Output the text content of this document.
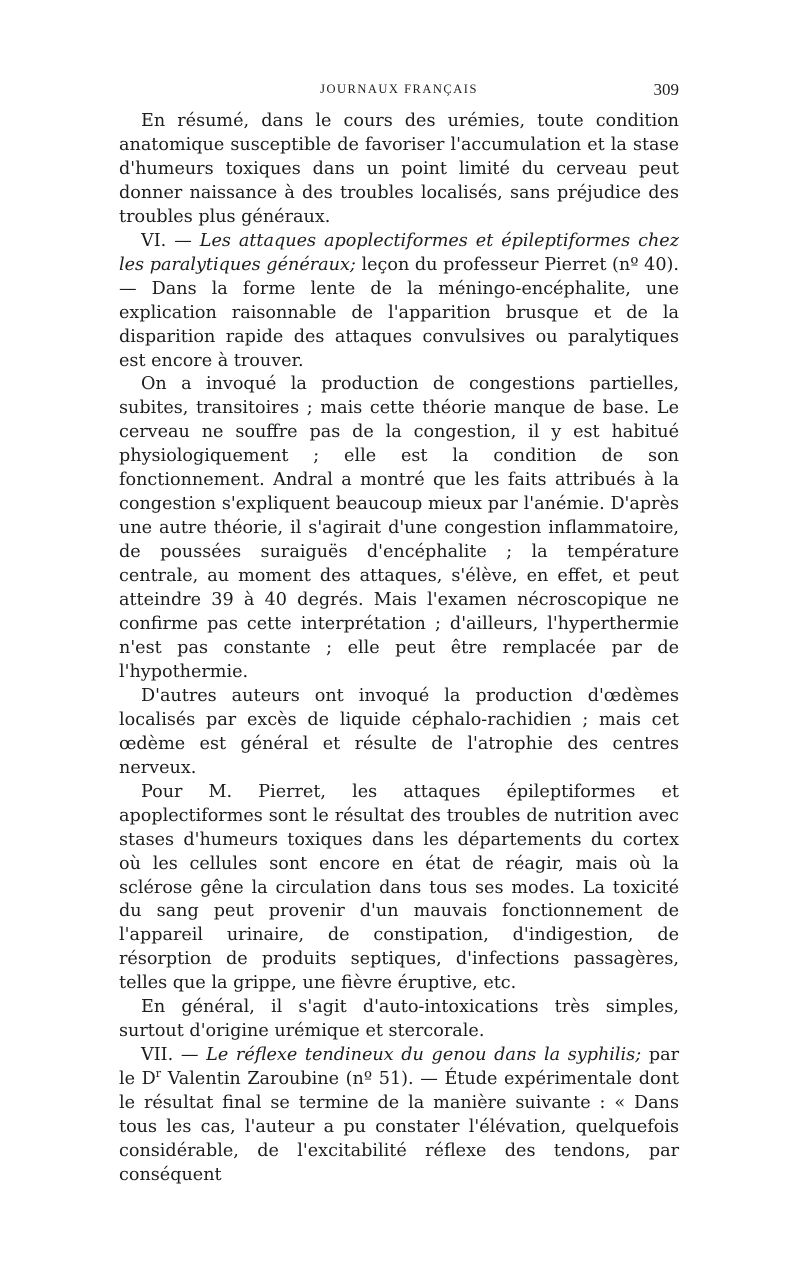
JOURNAUX FRANÇAIS	309

En résumé, dans le cours des urémies, toute condition anatomique susceptible de favoriser l'accumulation et la stase d'humeurs toxiques dans un point limité du cerveau peut donner naissance à des troubles localisés, sans préjudice des troubles plus généraux.

VI. — Les attaques apoplectiformes et épileptiformes chez les paralytiques généraux; leçon du professeur Pierret (nº 40). — Dans la forme lente de la méningo-encéphalite, une explication raisonnable de l'apparition brusque et de la disparition rapide des attaques convulsives ou paralytiques est encore à trouver.

On a invoqué la production de congestions partielles, subites, transitoires ; mais cette théorie manque de base. Le cerveau ne souffre pas de la congestion, il y est habitué physiologiquement ; elle est la condition de son fonctionnement. Andral a montré que les faits attribués à la congestion s'expliquent beaucoup mieux par l'anémie. D'après une autre théorie, il s'agirait d'une congestion inflammatoire, de poussées suraiguës d'encéphalite ; la température centrale, au moment des attaques, s'élève, en effet, et peut atteindre 39 à 40 degrés. Mais l'examen nécroscopique ne confirme pas cette interprétation ; d'ailleurs, l'hyperthermie n'est pas constante ; elle peut être remplacée par de l'hypothermie.

D'autres auteurs ont invoqué la production d'œdèmes localisés par excès de liquide céphalo-rachidien ; mais cet œdème est général et résulte de l'atrophie des centres nerveux.

Pour M. Pierret, les attaques épileptiformes et apoplectiformes sont le résultat des troubles de nutrition avec stases d'humeurs toxiques dans les départements du cortex où les cellules sont encore en état de réagir, mais où la sclérose gêne la circulation dans tous ses modes. La toxicité du sang peut provenir d'un mauvais fonctionnement de l'appareil urinaire, de constipation, d'indigestion, de résorption de produits septiques, d'infections passagères, telles que la grippe, une fièvre éruptive, etc.

En général, il s'agit d'auto-intoxications très simples, surtout d'origine urémique et stercorale.

VII. — Le réflexe tendineux du genou dans la syphilis; par le $D^r$ Valentin Zaroubine (nº 51). — Étude expérimentale dont le résultat final se termine de la manière suivante : « Dans tous les cas, l'auteur a pu constater l'élévation, quelquefois considérable, de l'excitabilité réflexe des tendons, par conséquent
